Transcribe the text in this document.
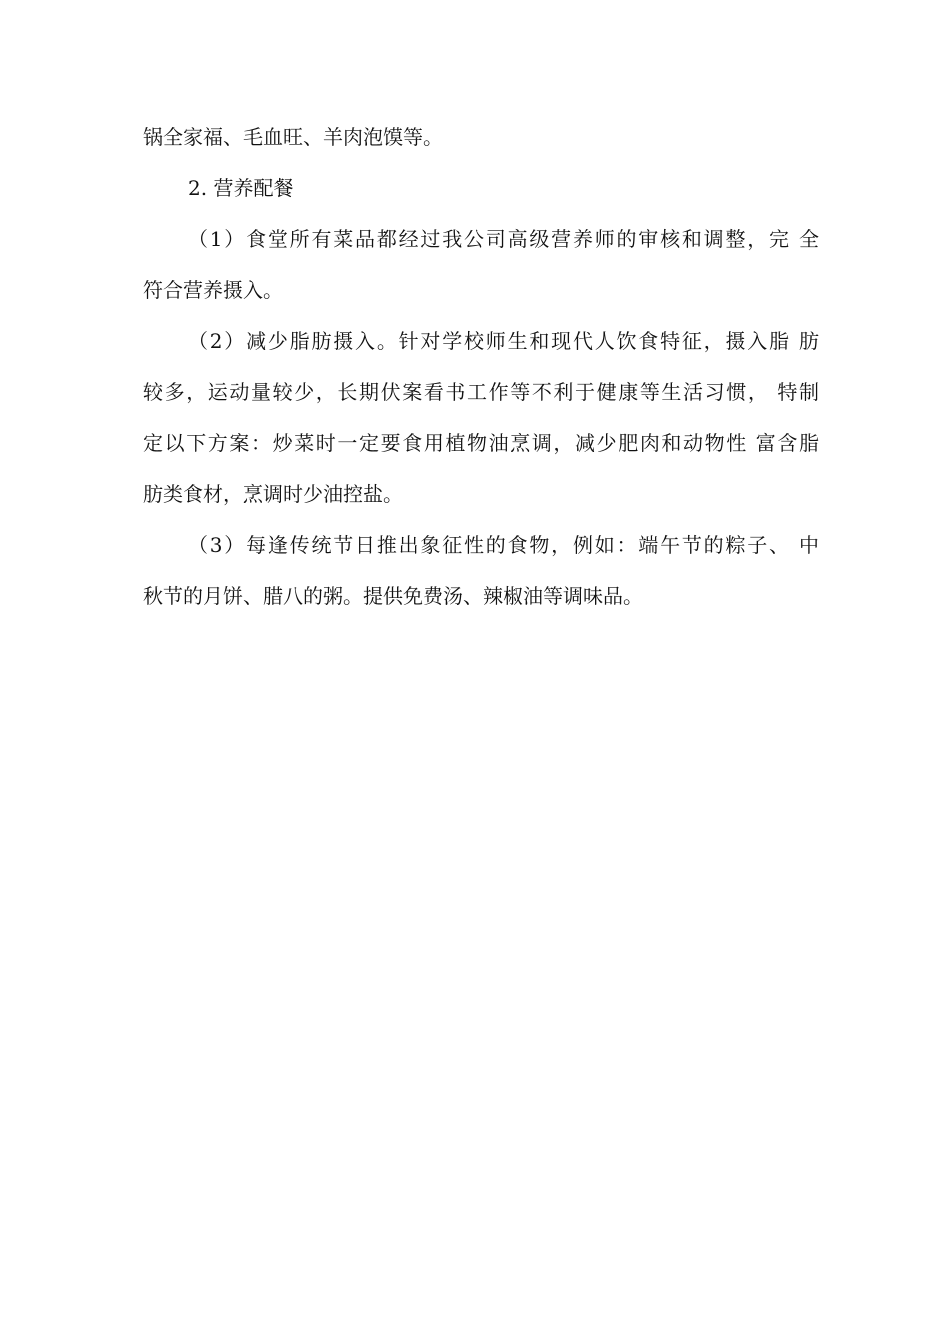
锅全家福、毛血旺、羊肉泡馍等。
2. 营养配餐
（1）食堂所有菜品都经过我公司高级营养师的审核和调整，完 全
符合营养摄入。
（2）减少脂肪摄入。针对学校师生和现代人饮食特征，摄入脂 肪
较多，运动量较少，长期伏案看书工作等不利于健康等生活习惯， 特制
定以下方案：炒菜时一定要食用植物油烹调，减少肥肉和动物性 富含脂
肪类食材，烹调时少油控盐。
（3）每逢传统节日推出象征性的食物，例如：端午节的粽子、 中
秋节的月饼、腊八的粥。提供免费汤、辣椒油等调味品。
